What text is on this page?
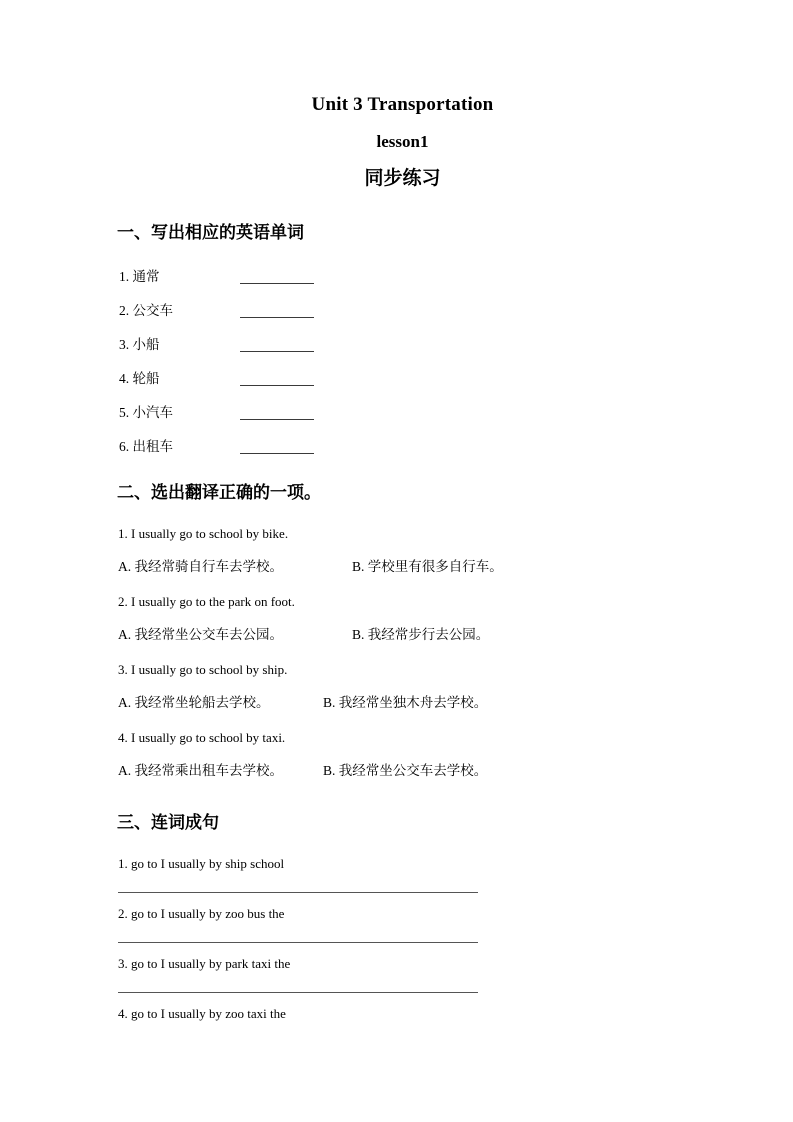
Unit 3 Transportation
lesson1
同步练习
一、写出相应的英语单词
1. 通常
2. 公交车
3. 小船
4. 轮船
5. 小汽车
6. 出租车
二、选出翻译正确的一项。
1. I usually go to school by bike.
A. 我经常骑自行车去学校。	B. 学校里有很多自行车。
2. I usually go to the park on foot.
A. 我经常坐公交车去公园。	B. 我经常步行去公园。
3. I usually go to school by ship.
A. 我经常坐轮船去学校。	B. 我经常坐独木舟去学校。
4. I usually go to school by taxi.
A. 我经常乘出租车去学校。	B. 我经常坐公交车去学校。
三、连词成句
1. go to I usually by ship school
2. go to I usually by zoo bus the
3. go to I usually by park taxi the
4. go to I usually by zoo taxi the
